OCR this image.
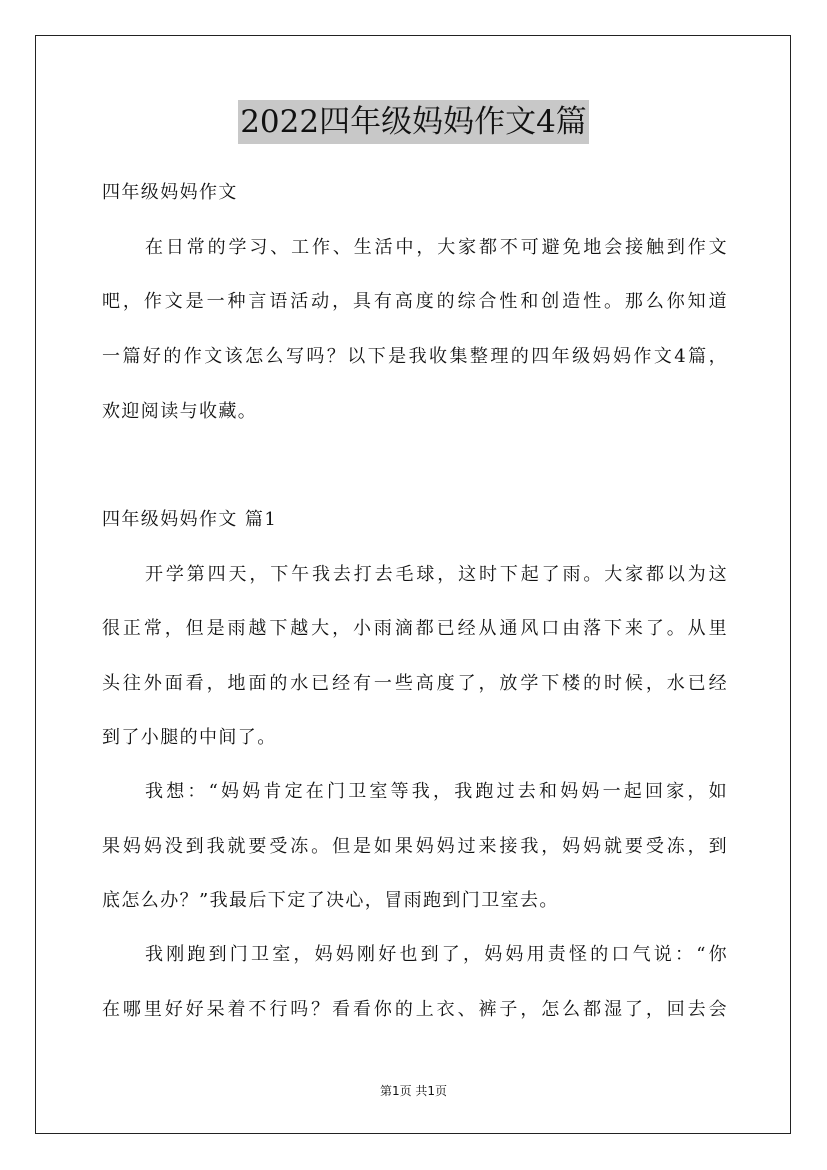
2022四年级妈妈作文4篇
四年级妈妈作文
在日常的学习、工作、生活中，大家都不可避免地会接触到作文
吧，作文是一种言语活动，具有高度的综合性和创造性。那么你知道
一篇好的作文该怎么写吗？以下是我收集整理的四年级妈妈作文4篇，
欢迎阅读与收藏。
四年级妈妈作文 篇1
开学第四天，下午我去打去毛球，这时下起了雨。大家都以为这
很正常，但是雨越下越大，小雨滴都已经从通风口由落下来了。从里
头往外面看，地面的水已经有一些高度了，放学下楼的时候，水已经
到了小腿的中间了。
我想：“妈妈肯定在门卫室等我，我跑过去和妈妈一起回家，如
果妈妈没到我就要受冻。但是如果妈妈过来接我，妈妈就要受冻，到
底怎么办？”我最后下定了决心，冒雨跑到门卫室去。
我刚跑到门卫室，妈妈刚好也到了，妈妈用责怪的口气说：“你
在哪里好好呆着不行吗？看看你的上衣、裤子，怎么都湿了，回去会
第1页 共1页
